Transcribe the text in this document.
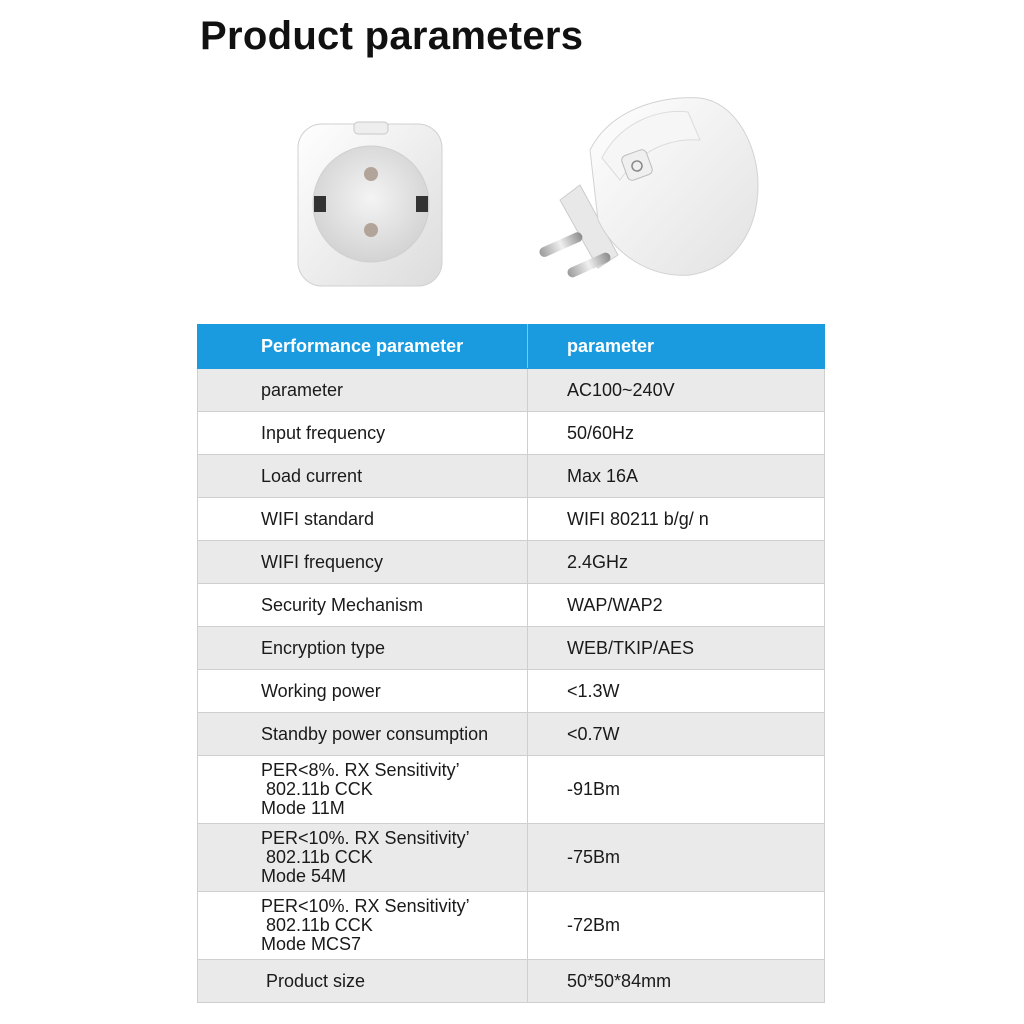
Product parameters
Performance parameter	parameter
parameter	AC100~240V
Input frequency	50/60Hz
Load current	Max 16A
WIFI standard	WIFI 80211 b/g/ n
WIFI frequency	2.4GHz
Security Mechanism	WAP/WAP2
Encryption type	WEB/TKIP/AES
Working power	<1.3W
Standby power consumption	<0.7W
PER<8%. RX Sensitivity’
802.11b CCK
Mode 11M	-91Bm
PER<10%. RX Sensitivity’
802.11b CCK
Mode 54M	-75Bm
PER<10%. RX Sensitivity’
802.11b CCK
Mode MCS7	-72Bm
Product size	50*50*84mm
